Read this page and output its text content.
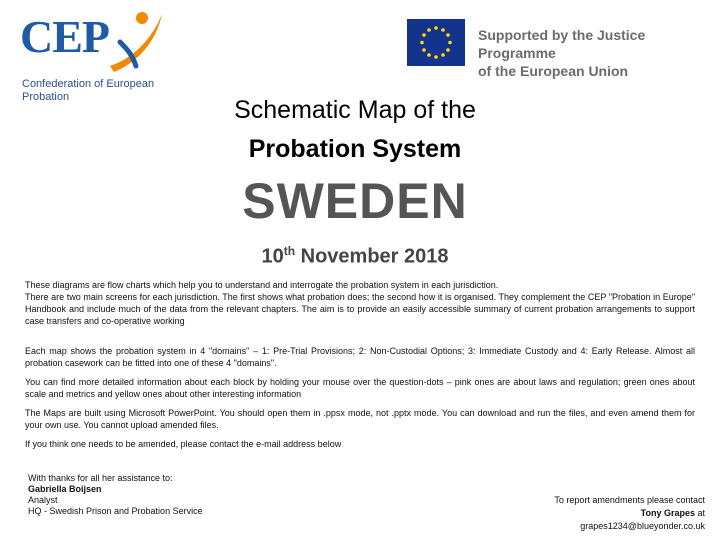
CEP
Confederation of European
Probation
Supported by the Justice Programme
of the European Union
Schematic Map of the
Probation System
SWEDEN
10th November 2018
These diagrams are flow charts which help you to understand and interrogate the probation system in each jurisdiction.
There are two main screens for each jurisdiction. The first shows what probation does; the second how it is organised. They complement the CEP "Probation in Europe" Handbook and include much of the data from the relevant chapters. The aim is to provide an easily accessible summary of current probation arrangements to support case transfers and co-operative working
Each map shows the probation system in 4 "domains" – 1: Pre-Trial Provisions; 2: Non-Custodial Options; 3: Immediate Custody and 4: Early Release. Almost all probation casework can be fitted into one of these 4 "domains".
You can find more detailed information about each block by holding your mouse over the question-dots – pink ones are about laws and regulation; green ones about scale and metrics and yellow ones about other interesting information
The Maps are built using Microsoft PowerPoint. You should open them in .ppsx mode, not .pptx mode. You can download and run the files, and even amend them for your own use. You cannot upload amended files.
If you think one needs to be amended, please contact the e-mail address below
With thanks for all her assistance to:
Gabriella Boijsen
Analyst
HQ - Swedish Prison and Probation Service
To report amendments please contact
Tony Grapes at
grapes1234@blueyonder.co.uk
